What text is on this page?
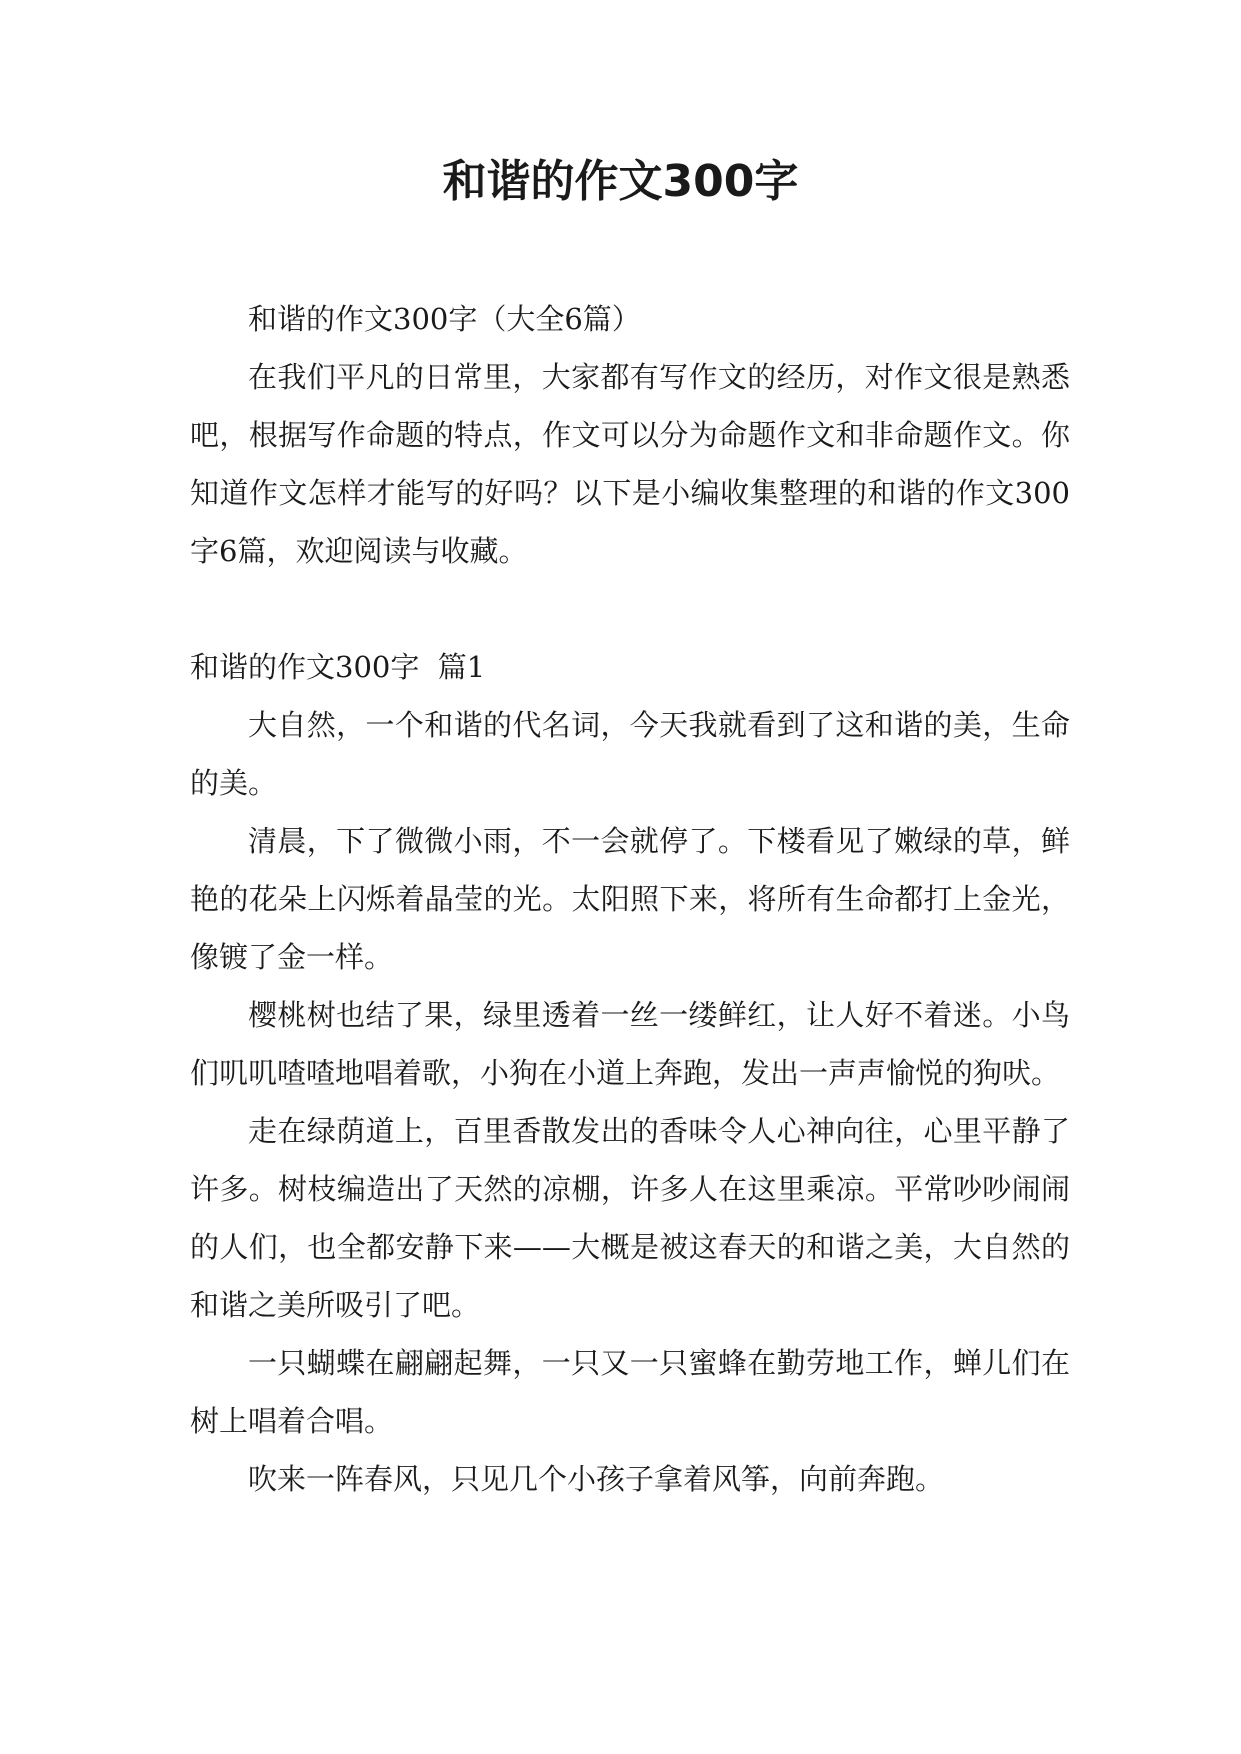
和谐的作文300字

和谐的作文300字（大全6篇）

在我们平凡的日常里，大家都有写作文的经历，对作文很是熟悉吧，根据写作命题的特点，作文可以分为命题作文和非命题作文。你知道作文怎样才能写的好吗？以下是小编收集整理的和谐的作文300字6篇，欢迎阅读与收藏。

和谐的作文300字  篇1

大自然，一个和谐的代名词，今天我就看到了这和谐的美，生命的美。

清晨，下了微微小雨，不一会就停了。下楼看见了嫩绿的草，鲜艳的花朵上闪烁着晶莹的光。太阳照下来，将所有生命都打上金光，像镀了金一样。

樱桃树也结了果，绿里透着一丝一缕鲜红，让人好不着迷。小鸟们叽叽喳喳地唱着歌，小狗在小道上奔跑，发出一声声愉悦的狗吠。

走在绿荫道上，百里香散发出的香味令人心神向往，心里平静了许多。树枝编造出了天然的凉棚，许多人在这里乘凉。平常吵吵闹闹的人们，也全都安静下来——大概是被这春天的和谐之美，大自然的和谐之美所吸引了吧。

一只蝴蝶在翩翩起舞，一只又一只蜜蜂在勤劳地工作，蝉儿们在树上唱着合唱。

吹来一阵春风，只见几个小孩子拿着风筝，向前奔跑。
